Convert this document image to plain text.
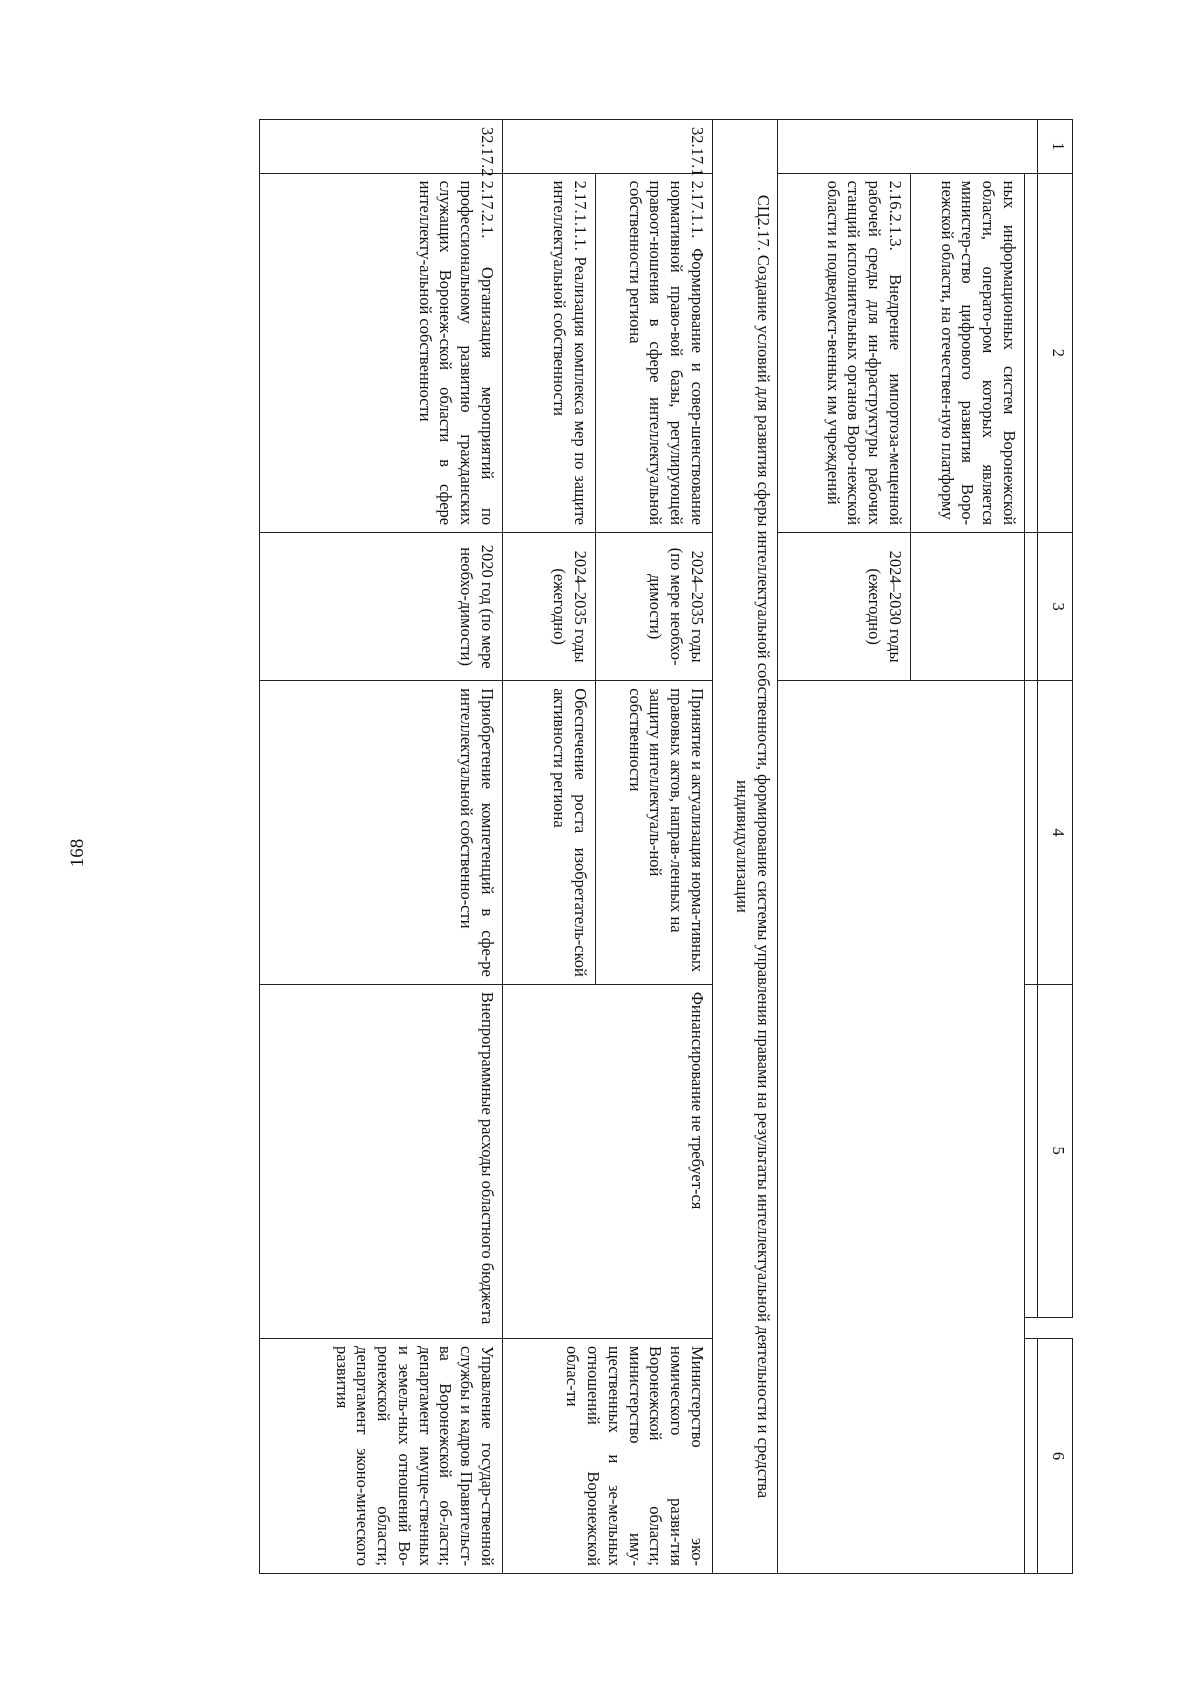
168
1	2	3	4	5		6

	ных информационных систем Воронежской области, операто-ром которых является министер-ство цифрового развития Воро-нежской области, на отечествен-ную платформу					
	2.16.2.1.3. Внедрение импортоза-мещенной рабочей среды для ин-фраструктуры рабочих станций исполнительных органов Воро-нежской области и подведомст-венных им учреждений	2024–2030 годы (ежегодно)				
СЦ2.17. Создание условий для развития сферы интеллектуальной собственности, формирование системы управления правами на результаты интеллектуальной деятельности и средства индивидуализации						
32.17.1	2.17.1.1. Формирование и совер-шенствование нормативной право-вой базы, регулирующей правоот-ношения в сфере интеллектуальной собственности региона	2024–2035 годы (по мере необхо-димости)	Принятие и актуализация норма-тивных правовых актов, направ-ленных на защиту интеллектуаль-ной собственности	Финансирование не требует-ся		Министерство эко-номического разви-тия Воронежской области; министерство иму-щественных и зе-мельных отношений Воронежской облас-ти
	2.17.1.1.1. Реализация комплекса мер по защите интеллектуальной собственности	2024–2035 годы (ежегодно)	Обеспечение роста изобретатель-ской активности региона			
32.17.2	2.17.2.1. Организация мероприятий по профессиональному развитию гражданских служащих Воронеж-ской области в сфере интеллекту-альной собственности	2020 год (по мере необхо-димости)	Приобретение компетенций в сфе-ре интеллектуальной собственно-сти	Внепрограммные расходы областного бюджета		Управление государ-ственной службы и кадров Правительст-ва Воронежской об-ласти; департамент имуще-ственных и земель-ных отношений Во-ронежской области; департамент эконо-мического развития
